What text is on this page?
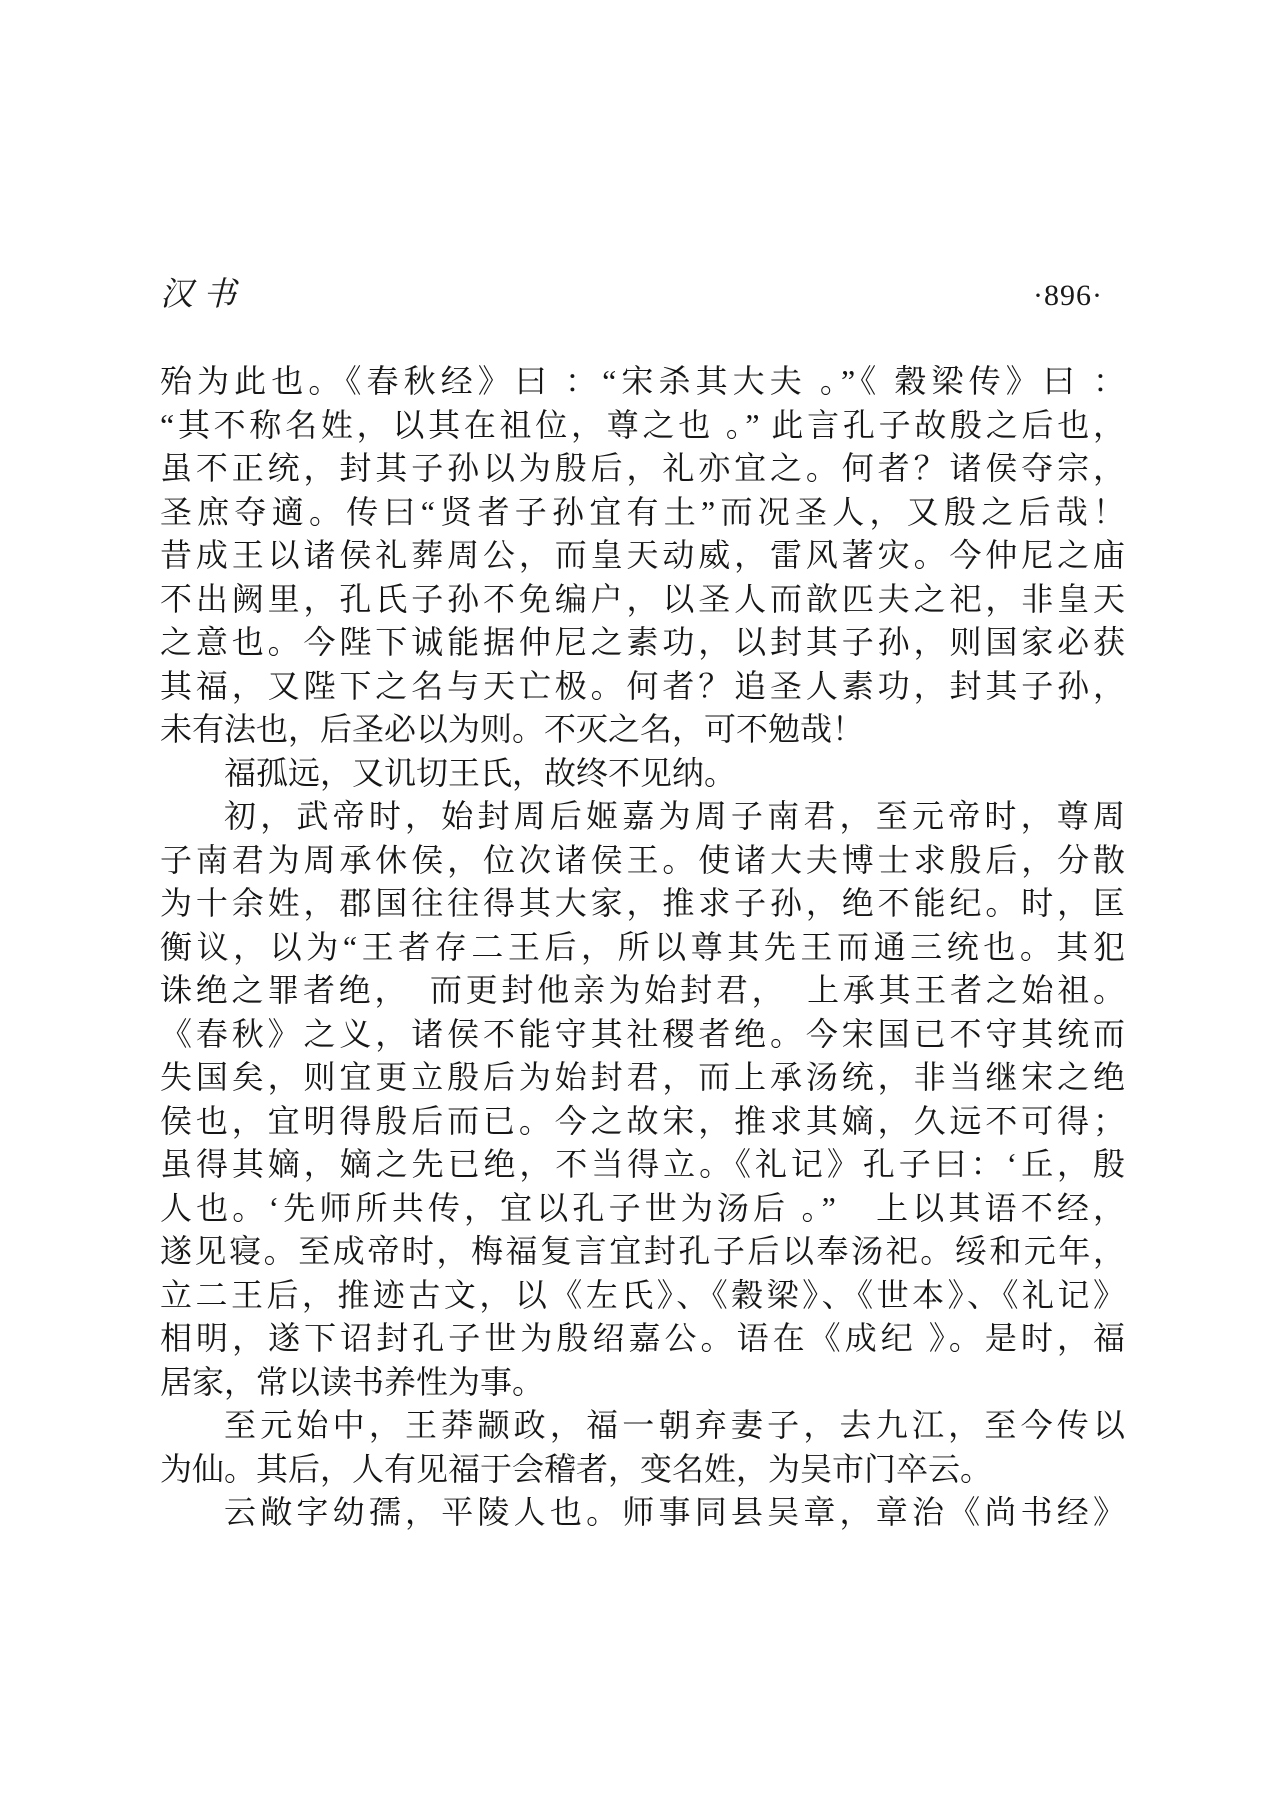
汉书	·896·
殆为此也。《春秋经》曰 ：“宋杀其大夫 。”《 穀梁传》曰 ：
“其不称名姓，以其在祖位，尊之也 。” 此言孔子故殷之后也，
虽不正统，封其子孙以为殷后，礼亦宜之。何者？诸侯夺宗，
圣庶夺適。传曰“贤者子孙宜有土”而况圣人，又殷之后哉！
昔成王以诸侯礼葬周公，而皇天动威，雷风著灾。今仲尼之庙
不出阙里，孔氏子孙不免编户，以圣人而歆匹夫之祀，非皇天
之意也。今陛下诚能据仲尼之素功，以封其子孙，则国家必获
其福，又陛下之名与天亡极。何者？追圣人素功，封其子孙，
未有法也，后圣必以为则。不灭之名，可不勉哉！
福孤远，又讥切王氏，故终不见纳。
初，武帝时，始封周后姬嘉为周子南君，至元帝时，尊周
子南君为周承休侯，位次诸侯王。使诸大夫博士求殷后，分散
为十余姓，郡国往往得其大家，推求子孙，绝不能纪。时，匡
衡议，以为“王者存二王后，所以尊其先王而通三统也。其犯
诛绝之罪者绝，　而更封他亲为始封君，　上承其王者之始祖。
《春秋》之义，诸侯不能守其社稷者绝。今宋国已不守其统而
失国矣，则宜更立殷后为始封君，而上承汤统，非当继宋之绝
侯也，宜明得殷后而已。今之故宋，推求其嫡，久远不可得；
虽得其嫡，嫡之先已绝，不当得立。《礼记》孔子曰：‘丘，殷
人也。‘先师所共传，宜以孔子世为汤后 。”　上以其语不经，
遂见寝。至成帝时，梅福复言宜封孔子后以奉汤祀。绥和元年，
立二王后，推迹古文，以《左氏》、《穀梁》、《世本》、《礼记》
相明，遂下诏封孔子世为殷绍嘉公。语在《成纪 》。是时，福
居家，常以读书养性为事。
至元始中，王莽颛政，福一朝弃妻子，去九江，至今传以
为仙。其后，人有见福于会稽者，变名姓，为吴市门卒云。
云敞字幼孺，平陵人也。师事同县吴章，章治《尚书经》
